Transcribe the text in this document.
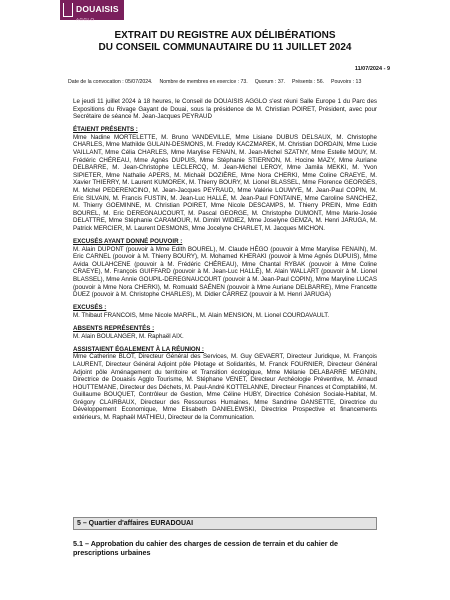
DOUAISIS
AGGLO
EXTRAIT DU REGISTRE AUX DÉLIBÉRATIONS
DU CONSEIL COMMUNAUTAIRE DU 11 JUILLET 2024
11/07/2024 - 9
Date de la convocation : 05/07/2024. Nombre de membres en exercice : 73. Quorum : 37. Présents : 56. Pouvoirs : 13

Le jeudi 11 juillet 2024 à 18 heures, le Conseil de DOUAISIS AGGLO s'est réuni Salle Europe 1 du Parc des Expositions du Rivage Gayant de Douai, sous la présidence de M. Christian POIRET, Président, avec pour Secrétaire de séance M. Jean-Jacques PEYRAUD

ÉTAIENT PRÉSENTS :
Mme Nadine MORTELETTE, M. Bruno VANDEVILLE, Mme Lisiane DUBUS DELSAUX, M. Christophe CHARLES, Mme Mathilde GULAIN-DESMONS, M. Freddy KACZMAREK, M. Christian DORDAIN, Mme Lucie VAILLANT, Mme Célia CHARLES, Mme Marylise FENAIN, M. Jean-Michel SZATNY, Mme Estelle MOUY, M. Frédéric CHÉREAU, Mme Agnès DUPUIS, Mme Stéphanie STIERNON, M. Hocine MAZY, Mme Auriane DELBARRE, M. Jean-Christophe LECLERCQ, M. Jean-Michel LEROY, Mme Jamila MEKKI, M. Yvon SIPIETER, Mme Nathalie APERS, M. Michaël DOZIÈRE, Mme Nora CHERKI, Mme Coline CRAEYE, M. Xavier THIERRY, M. Laurent KUMOREK, M. Thierry BOURY, M. Lionel BLASSEL, Mme Florence GEORGES, M. Michel PEDERENCINO, M. Jean-Jacques PEYRAUD, Mme Valérie LOUWYE, M. Jean-Paul COPIN, M. Eric SILVAIN, M. Francis FUSTIN, M. Jean-Luc HALLÉ, M. Jean-Paul FONTAINE, Mme Caroline SANCHEZ, M. Thierry GOEMINNE, M. Christian POIRET, Mme Nicole DESCAMPS, M. Thierry PREIN, Mme Edith BOUREL, M. Eric DEREGNAUCOURT, M. Pascal GEORGE, M. Christophe DUMONT, Mme Marie-Josée DELATTRE, Mme Stéphanie CARAMOUR, M. Dimitri WIDIEZ, Mme Joselyne GEMZA, M. Henri JARUGA, M. Patrick MERCIER, M. Laurent DESMONS, Mme Jocelyne CHARLET, M. Jacques MICHON.

EXCUSÉS AYANT DONNÉ POUVOIR :
M. Alain DUPONT (pouvoir à Mme Edith BOUREL), M. Claude HÉGO (pouvoir à Mme Marylise FENAIN), M. Eric CARNEL (pouvoir à M. Thierry BOURY), M. Mohamed KHERAKI (pouvoir à Mme Agnès DUPUIS), Mme Avida OULAHCENE (pouvoir à M. Frédéric CHÉREAU), Mme Chantal RYBAK (pouvoir à Mme Coline CRAEYE), M. François GUIFFARD (pouvoir à M. Jean-Luc HALLÉ), M. Alain WALLART (pouvoir à M. Lionel BLASSEL), Mme Annie GOUPIL-DEREGNAUCOURT (pouvoir à M. Jean-Paul COPIN), Mme Maryline LUCAS (pouvoir à Mme Nora CHERKI), M. Romuald SAÉNEN (pouvoir à Mme Auriane DELBARRE), Mme Francette DUEZ (pouvoir à M. Christophe CHARLES), M. Didier CARREZ (pouvoir à M. Henri JARUGA)

EXCUSÉS :
M. Thibaut FRANCOIS, Mme Nicole MARFIL, M. Alain MENSION, M. Lionel COURDAVAULT.

ABSENTS REPRÉSENTÉS :
M. Alain BOULANGER, M. Raphaël AIX.

ASSISTAIENT ÉGALEMENT À LA RÉUNION :
Mme Catherine BLOT, Directeur Général des Services, M. Guy GEVAERT, Directeur Juridique, M. François LAURENT, Directeur Général Adjoint pôle Pilotage et Solidarités, M. Franck FOURNIER, Directeur Général Adjoint pôle Aménagement du territoire et Transition écologique, Mme Mélanie DELABARRE MEGNIN, Directrice de Douaisis Agglo Tourisme, M. Stéphane VENET, Directeur Archéologie Préventive, M. Arnaud HOUTTEMANE, Directeur des Déchets, M. Paul-André KOTTELANNE, Directeur Finances et Comptabilité, M. Guillaume BOUQUET, Contrôleur de Gestion, Mme Céline HUBY, Directrice Cohésion Sociale-Habitat, M. Grégory CLAIRBAUX, Directeur des Ressources Humaines, Mme Sandrine DANSETTE, Directrice du Développement Economique, Mme Elisabeth DANIELEWSKI, Directrice Prospective et financements extérieurs, M. Raphaël MATHIEU, Directeur de la Communication.

5 – Quartier d'affaires EURADOUAI
5.1 – Approbation du cahier des charges de cession de terrain et du cahier de prescriptions urbaines
